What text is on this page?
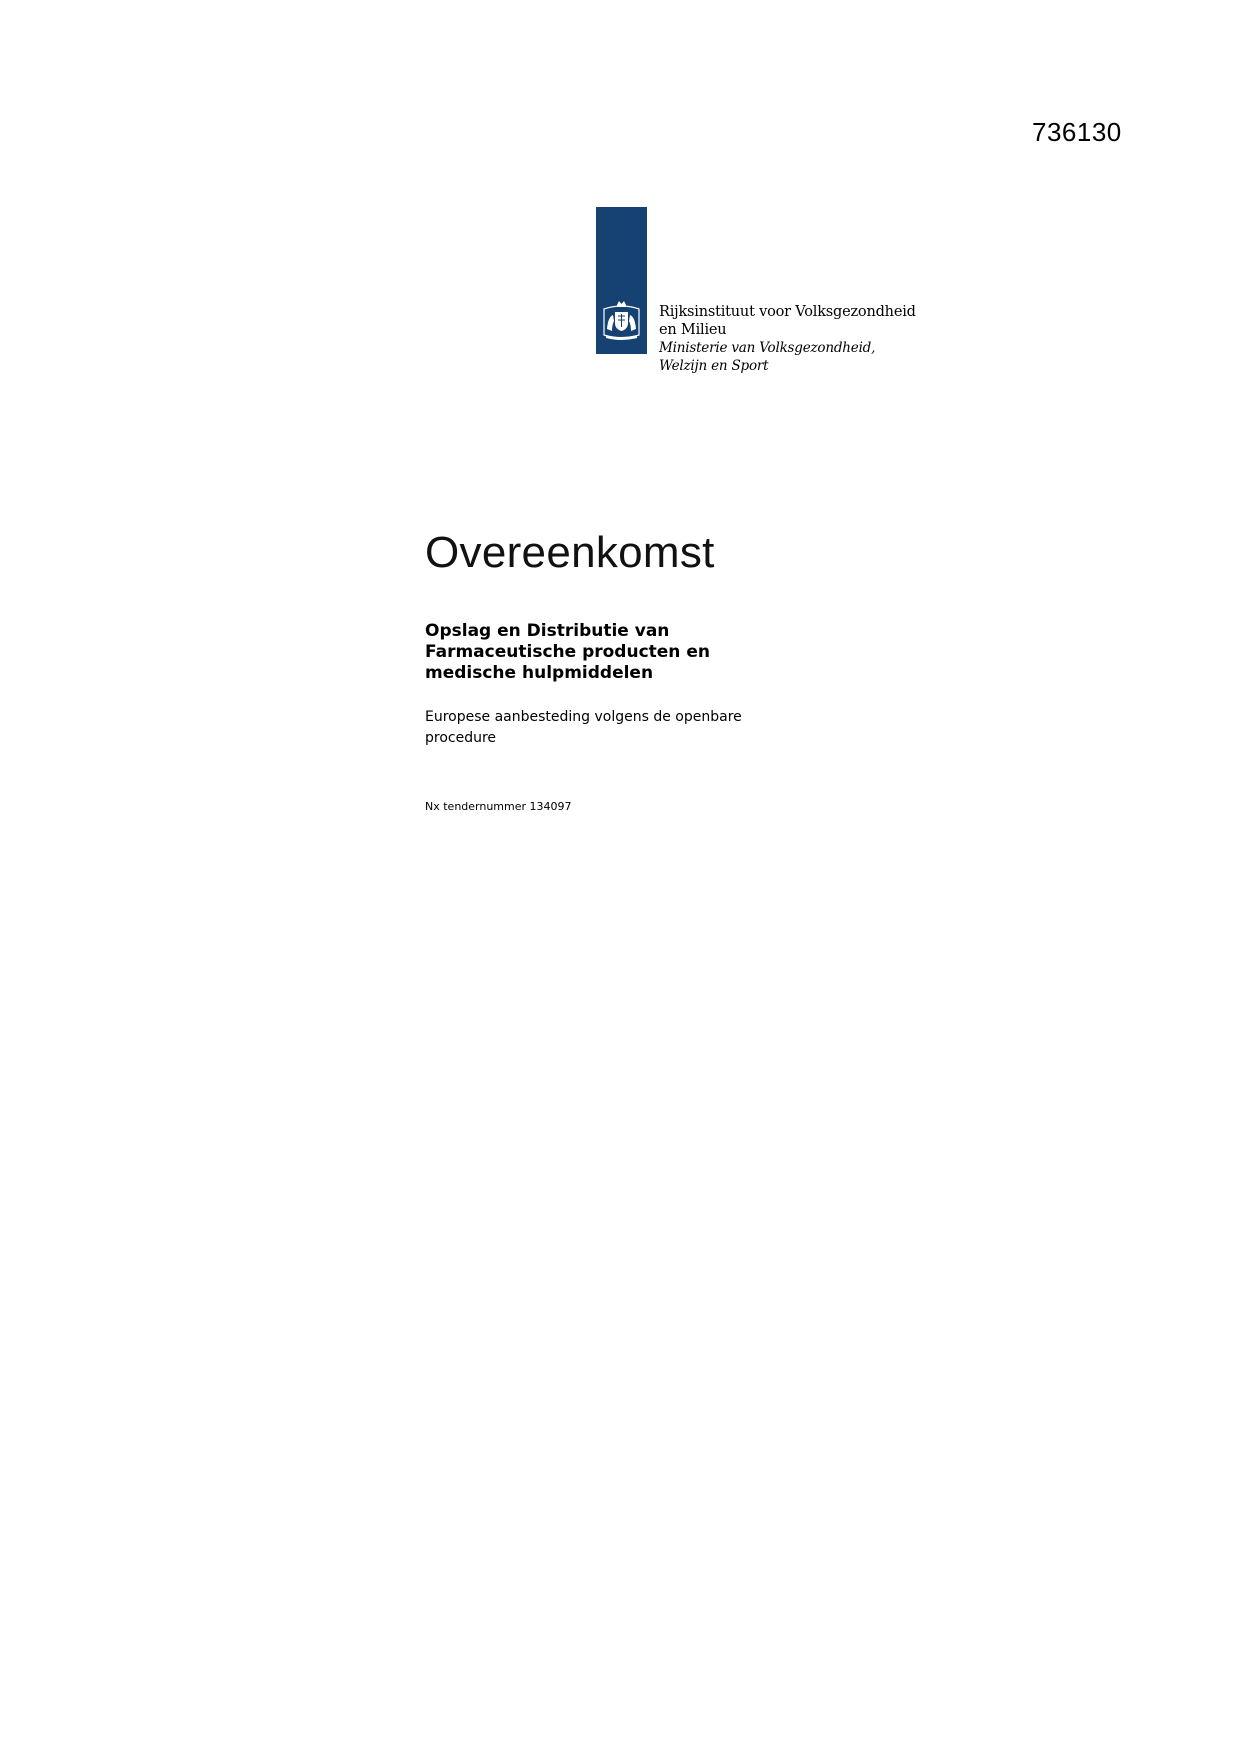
736130
Rijksinstituut voor Volksgezondheid
en Milieu
Ministerie van Volksgezondheid,
Welzijn en Sport
Overeenkomst

Opslag en Distributie van Farmaceutische producten en medische hulpmiddelen

Europese aanbesteding volgens de openbare procedure

Nx tendernummer 134097
